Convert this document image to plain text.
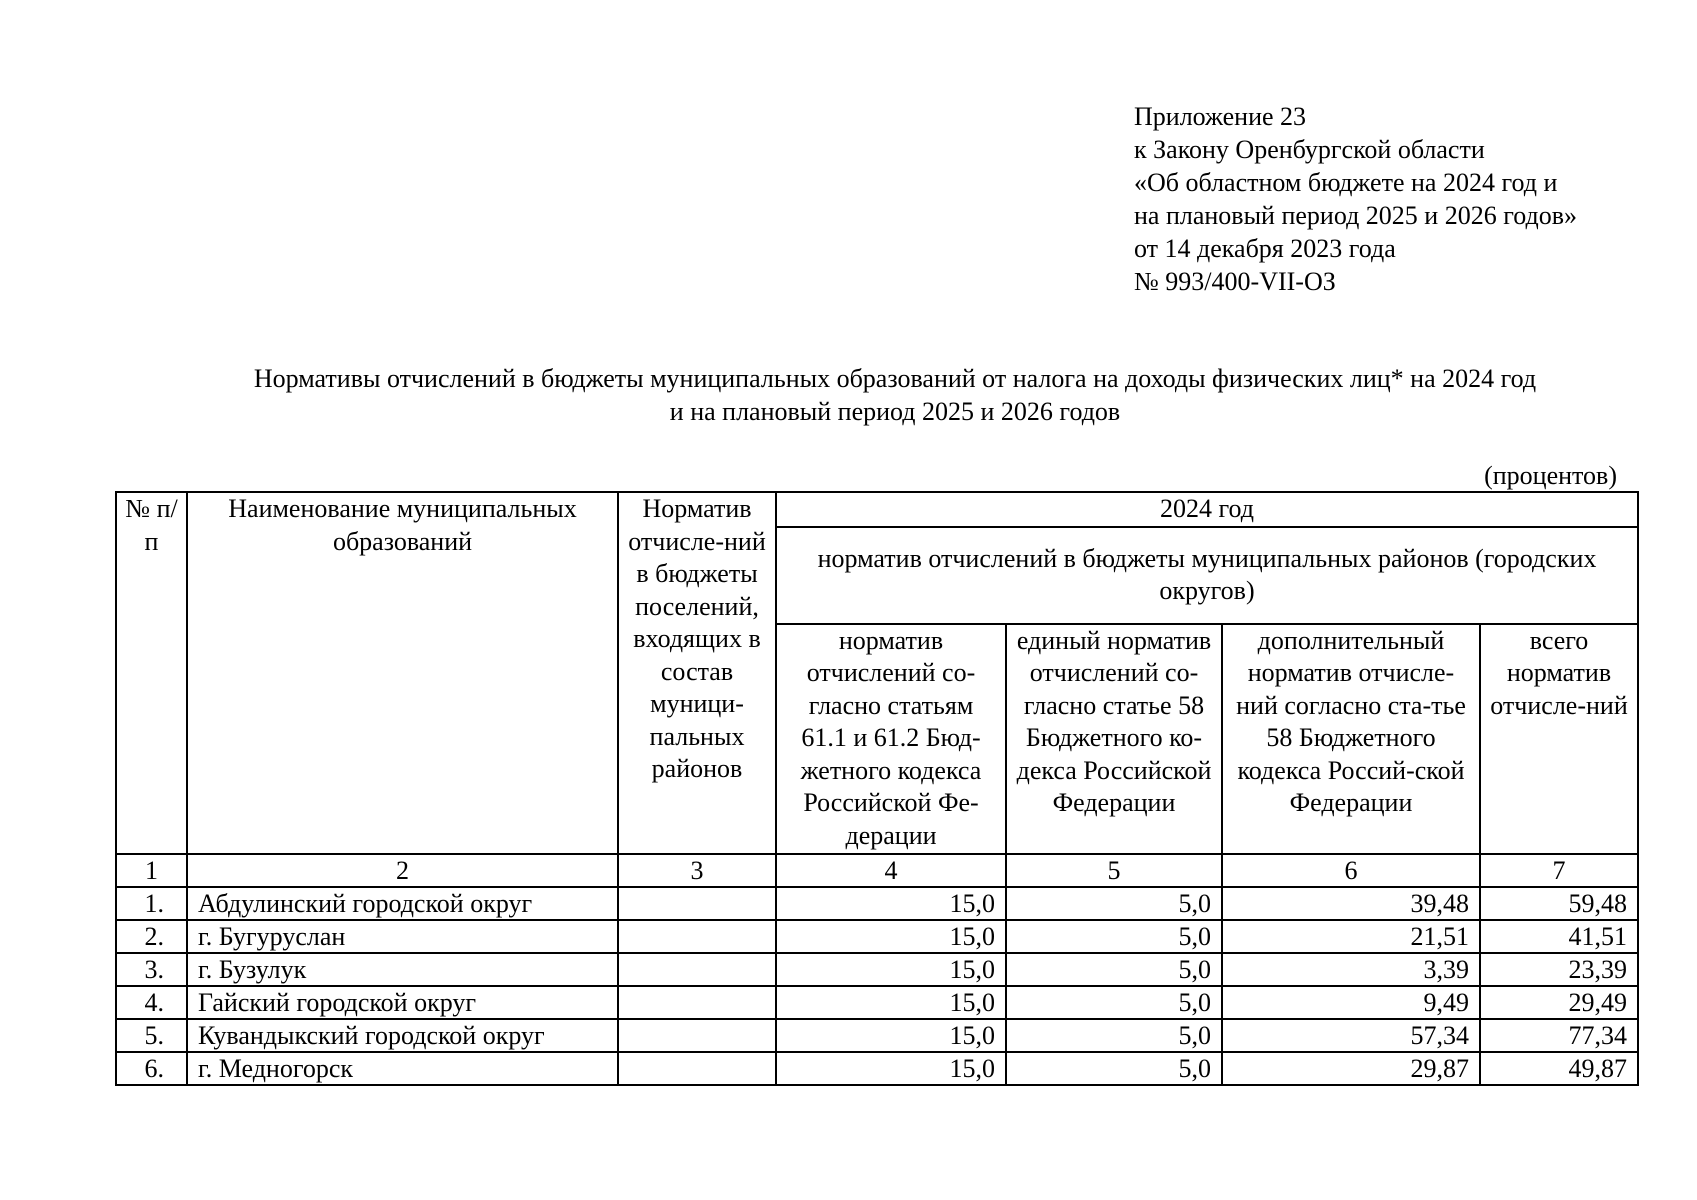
Приложение 23
к Закону Оренбургской области
«Об областном бюджете на 2024 год и
на плановый период 2025 и 2026 годов»
от 14 декабря 2023 года
№ 993/400-VII-ОЗ
Нормативы отчислений в бюджеты муниципальных образований от налога на доходы физических лиц* на 2024 год
и на плановый период 2025 и 2026 годов
(процентов)
№ п/п	Наименование муниципальных образований	Норматив отчисле-ний в бюджеты поселений, входящих в состав муници-пальных районов	2024 год			
			норматив отчислений в бюджеты муниципальных районов (городских округов)			
			норматив отчислений со-гласно статьям 61.1 и 61.2 Бюд-жетного кодекса Российской Фе-дерации	единый норматив отчислений со-гласно статье 58 Бюджетного ко-декса Российской Федерации	дополнительный норматив отчисле-ний согласно ста-тье 58 Бюджетного кодекса Россий-ской Федерации	всего норматив отчисле-ний
1	2	3	4	5	6	7
1.	Абдулинский городской округ		15,0	5,0	39,48	59,48
2.	г. Бугуруслан		15,0	5,0	21,51	41,51
3.	г. Бузулук		15,0	5,0	3,39	23,39
4.	Гайский городской округ		15,0	5,0	9,49	29,49
5.	Кувандыкский городской округ		15,0	5,0	57,34	77,34
6.	г. Медногорск		15,0	5,0	29,87	49,87
